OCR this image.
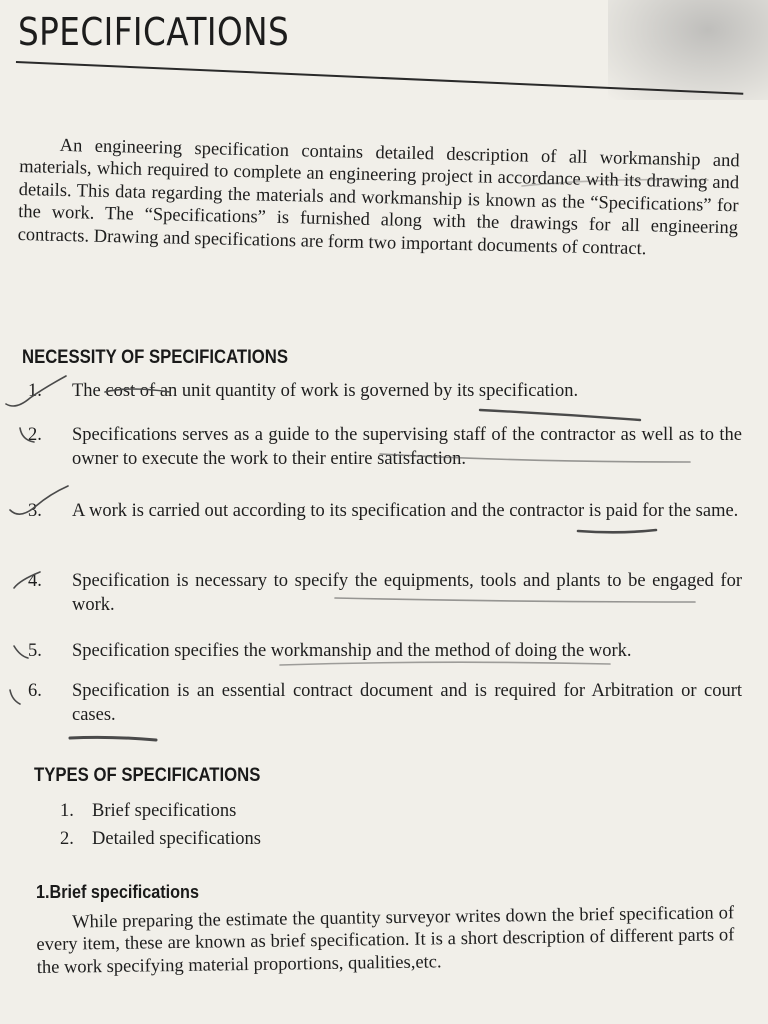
SPECIFICATIONS

An engineering specification contains detailed description of all workmanship and materials, which required to complete an engineering project in accordance with its drawing and details. This data regarding the materials and workmanship is known as the “Specifications” for the work. The “Specifications” is furnished along with the drawings for all engineering contracts. Drawing and specifications are form two important documents of contract.

NECESSITY OF SPECIFICATIONS
1.	The cost of an unit quantity of work is governed by its specification.
2.	Specifications serves as a guide to the supervising staff of the contractor as well as to the owner to execute the work to their entire satisfaction.
3.	A work is carried out according to its specification and the contractor is paid for the same.
4.	Specification is necessary to specify the equipments, tools and plants to be engaged for work.
5.	Specification specifies the workmanship and the method of doing the work.
6.	Specification is an essential contract document and is required for Arbitration or court cases.
TYPES OF SPECIFICATIONS
1. Brief specifications
2. Detailed specifications
1.Brief specifications

While preparing the estimate the quantity surveyor writes down the brief specification of every item, these are known as brief specification. It is a short description of different parts of the work specifying material proportions, qualities,etc.
